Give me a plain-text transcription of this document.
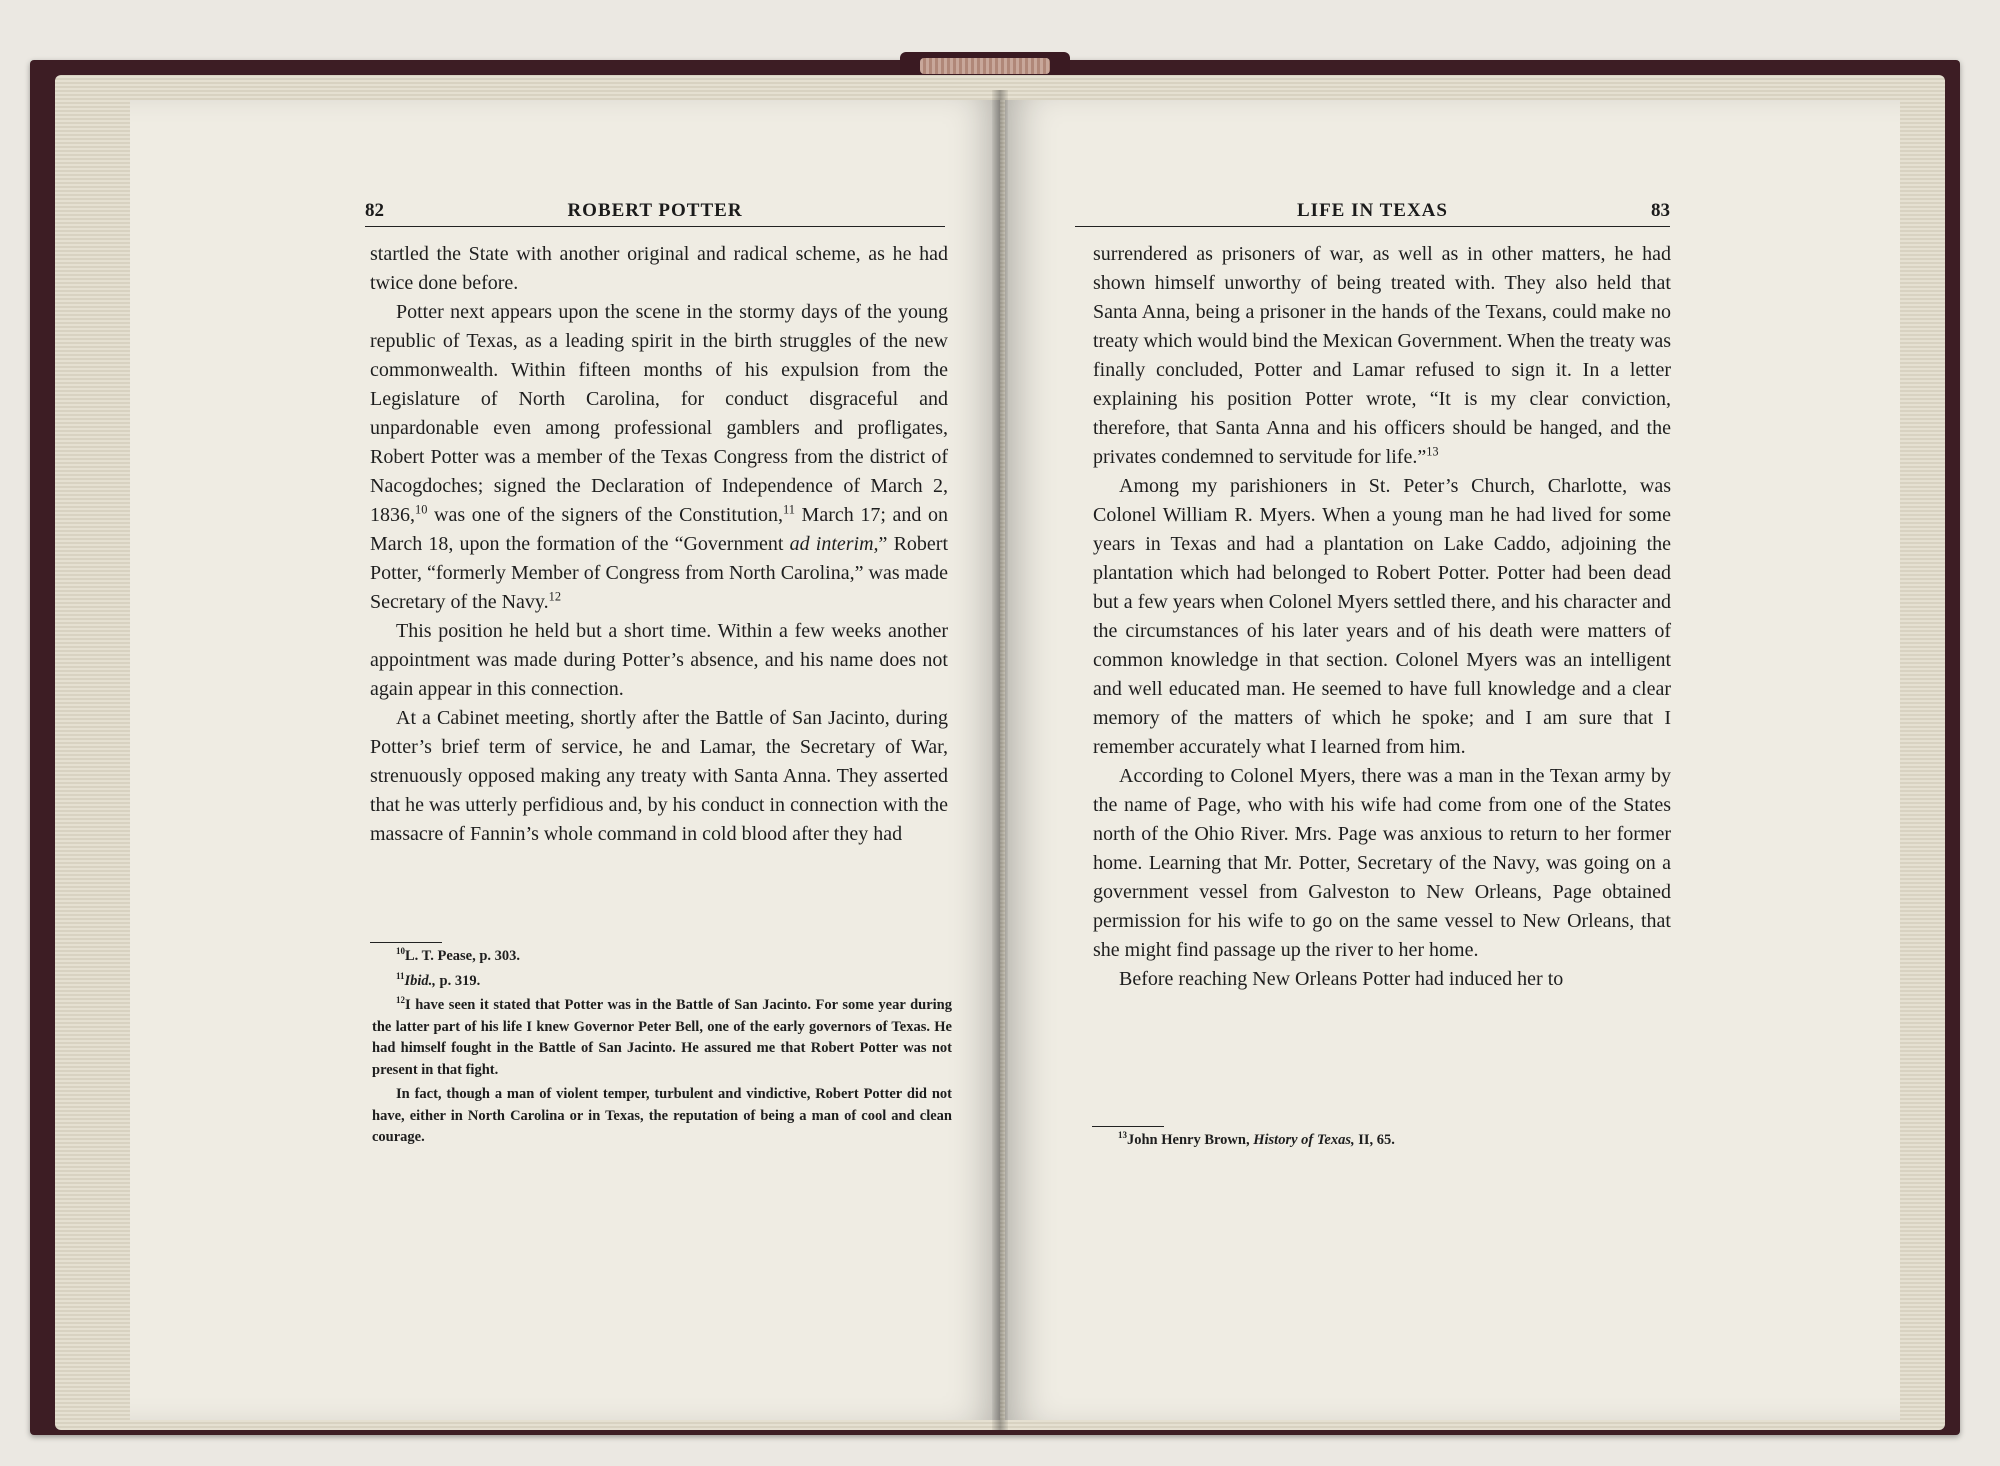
82	ROBERT POTTER

startled the State with another original and radical scheme, as he had twice done before.

Potter next appears upon the scene in the stormy days of the young republic of Texas, as a leading spirit in the birth struggles of the new commonwealth. Within fifteen months of his expulsion from the Legislature of North Carolina, for conduct disgraceful and unpardonable even among professional gamblers and profligates, Robert Potter was a member of the Texas Congress from the district of Nacogdoches; signed the Declaration of Independence of March 2, 1836,10 was one of the signers of the Constitution,$^{11}$ March 17; and on March 18, upon the formation of the “Government ad interim,” Robert Potter, “formerly Member of Congress from North Carolina,” was made Secretary of the Navy.$^{12}$

This position he held but a short time. Within a few weeks another appointment was made during Potter’s absence, and his name does not again appear in this connection.

At a Cabinet meeting, shortly after the Battle of San Jacinto, during Potter’s brief term of service, he and Lamar, the Secretary of War, strenuously opposed making any treaty with Santa Anna. They asserted that he was utterly perfidious and, by his conduct in connection with the massacre of Fannin’s whole command in cold blood after they had

$^{10}$L. T. Pease, p. 303.

$^{11}$Ibid., p. 319.

$^{12}$I have seen it stated that Potter was in the Battle of San Jacinto. For some year during the latter part of his life I knew Governor Peter Bell, one of the early governors of Texas. He had himself fought in the Battle of San Jacinto. He assured me that Robert Potter was not present in that fight.

In fact, though a man of violent temper, turbulent and vindictive, Robert Potter did not have, either in North Carolina or in Texas, the reputation of being a man of cool and clean courage.

LIFE IN TEXAS	83

surrendered as prisoners of war, as well as in other matters, he had shown himself unworthy of being treated with. They also held that Santa Anna, being a prisoner in the hands of the Texans, could make no treaty which would bind the Mexican Government. When the treaty was finally concluded, Potter and Lamar refused to sign it. In a letter explaining his position Potter wrote, “It is my clear conviction, therefore, that Santa Anna and his officers should be hanged, and the privates condemned to servitude for life.”$^{13}$

Among my parishioners in St. Peter’s Church, Charlotte, was Colonel William R. Myers. When a young man he had lived for some years in Texas and had a plantation on Lake Caddo, adjoining the plantation which had belonged to Robert Potter. Potter had been dead but a few years when Colonel Myers settled there, and his character and the circumstances of his later years and of his death were matters of common knowledge in that section. Colonel Myers was an intelligent and well educated man. He seemed to have full knowledge and a clear memory of the matters of which he spoke; and I am sure that I remember accurately what I learned from him.

According to Colonel Myers, there was a man in the Texan army by the name of Page, who with his wife had come from one of the States north of the Ohio River. Mrs. Page was anxious to return to her former home. Learning that Mr. Potter, Secretary of the Navy, was going on a government vessel from Galveston to New Orleans, Page obtained permission for his wife to go on the same vessel to New Orleans, that she might find passage up the river to her home.

Before reaching New Orleans Potter had induced her to

$^{13}$John Henry Brown, History of Texas, II, 65.
